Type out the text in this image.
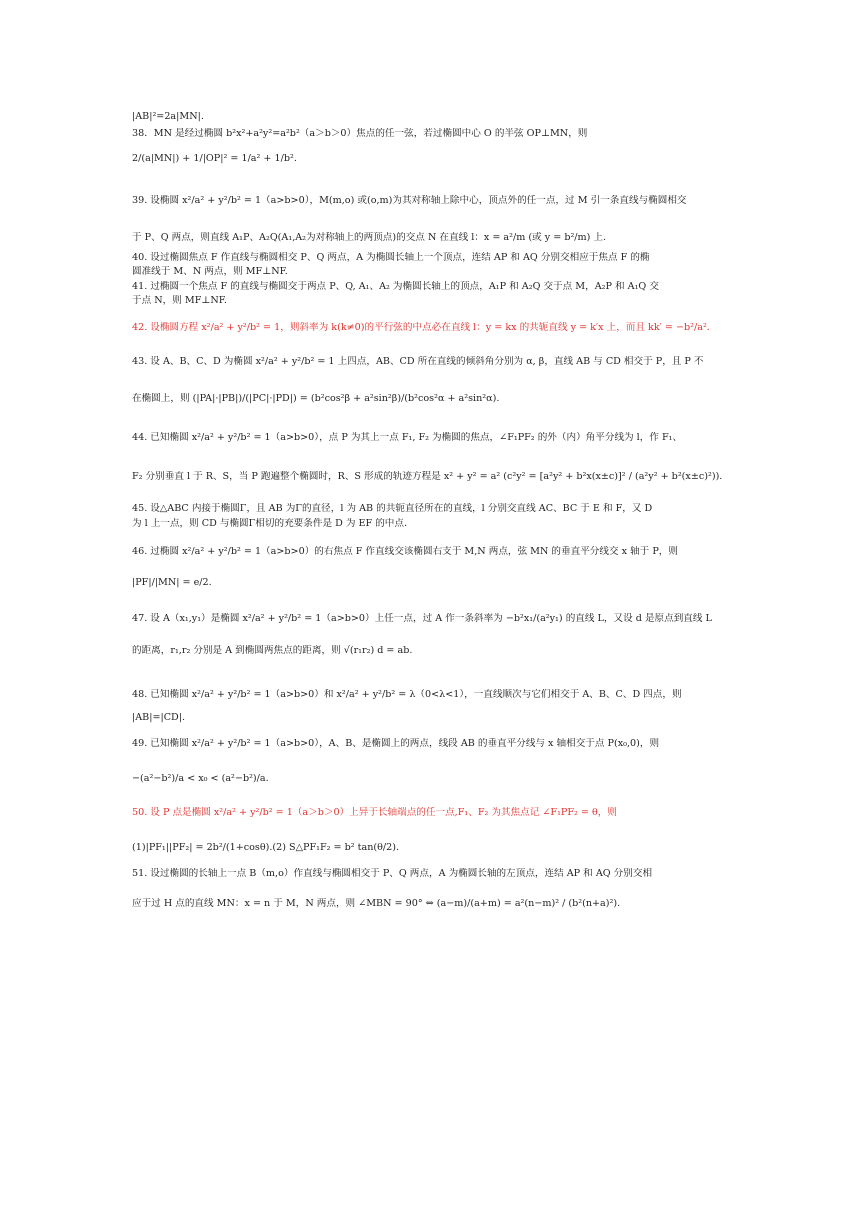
|AB|²=2a|MN|.
38．MN 是经过椭圆 b²x²+a²y²=a²b²（a＞b＞0）焦点的任一弦，若过椭圆中心 O 的半弦 OP⊥MN，则
2/(a|MN|) + 1/|OP|² = 1/a² + 1/b².
39. 设椭圆 x²/a² + y²/b² = 1（a>b>0），M(m,o) 或(o,m)为其对称轴上除中心，顶点外的任一点，过 M 引一条直线与椭圆相交
于 P、Q 两点，则直线 A₁P、A₂Q(A₁,A₂为对称轴上的两顶点)的交点 N 在直线 l：x = a²/m (或 y = b²/m) 上.
40. 设过椭圆焦点 F 作直线与椭圆相交 P、Q 两点，A 为椭圆长轴上一个顶点，连结 AP 和 AQ 分别交相应于焦点 F 的椭
圆准线于 M、N 两点，则 MF⊥NF.
41. 过椭圆一个焦点 F 的直线与椭圆交于两点 P、Q, A₁、A₂ 为椭圆长轴上的顶点，A₁P 和 A₂Q 交于点 M，A₂P 和 A₁Q 交
于点 N，则 MF⊥NF.
42. 设椭圆方程 x²/a² + y²/b² = 1，则斜率为 k(k≠0)的平行弦的中点必在直线 l：y = kx 的共轭直线 y = k′x 上，而且 kk′ = −b²/a².
43. 设 A、B、C、D 为椭圆 x²/a² + y²/b² = 1 上四点，AB、CD 所在直线的倾斜角分别为 α, β，直线 AB 与 CD 相交于 P，且 P 不
在椭圆上，则 (|PA|·|PB|)/(|PC|·|PD|) = (b²cos²β + a²sin²β)/(b²cos²α + a²sin²α).
44. 已知椭圆 x²/a² + y²/b² = 1（a>b>0），点 P 为其上一点 F₁, F₂ 为椭圆的焦点，∠F₁PF₂ 的外（内）角平分线为 l，作 F₁、
F₂ 分别垂直 l 于 R、S，当 P 跑遍整个椭圆时，R、S 形成的轨迹方程是 x² + y² = a² (c²y² = [a²y² + b²x(x±c)]² / (a²y² + b²(x±c)²)).
45. 设△ABC 内接于椭圆Γ，且 AB 为Γ的直径，l 为 AB 的共轭直径所在的直线，l 分别交直线 AC、BC 于 E 和 F，又 D
为 l 上一点，则 CD 与椭圆Γ相切的充要条件是 D 为 EF 的中点.
46. 过椭圆 x²/a² + y²/b² = 1（a>b>0）的右焦点 F 作直线交该椭圆右支于 M,N 两点，弦 MN 的垂直平分线交 x 轴于 P，则
|PF|/|MN| = e/2.
47. 设 A（x₁,y₁）是椭圆 x²/a² + y²/b² = 1（a>b>0）上任一点，过 A 作一条斜率为 −b²x₁/(a²y₁) 的直线 L，又设 d 是原点到直线 L
的距离，r₁,r₂ 分别是 A 到椭圆两焦点的距离，则 √(r₁r₂) d = ab.
48. 已知椭圆 x²/a² + y²/b² = 1（a>b>0）和 x²/a² + y²/b² = λ（0<λ<1），一直线顺次与它们相交于 A、B、C、D 四点，则
|AB|=|CD|.
49. 已知椭圆 x²/a² + y²/b² = 1（a>b>0），A、B、是椭圆上的两点，线段 AB 的垂直平分线与 x 轴相交于点 P(x₀,0)，则
−(a²−b²)/a < x₀ < (a²−b²)/a.
50. 设 P 点是椭圆 x²/a² + y²/b² = 1（a＞b＞0）上异于长轴端点的任一点,F₁、F₂ 为其焦点记 ∠F₁PF₂ = θ，则
(1)|PF₁||PF₂| = 2b²/(1+cosθ).(2) S△PF₁F₂ = b² tan(θ/2).
51. 设过椭圆的长轴上一点 B（m,o）作直线与椭圆相交于 P、Q 两点，A 为椭圆长轴的左顶点，连结 AP 和 AQ 分别交相
应于过 H 点的直线 MN：x = n 于 M，N 两点，则 ∠MBN = 90° ⇔ (a−m)/(a+m) = a²(n−m)² / (b²(n+a)²).
